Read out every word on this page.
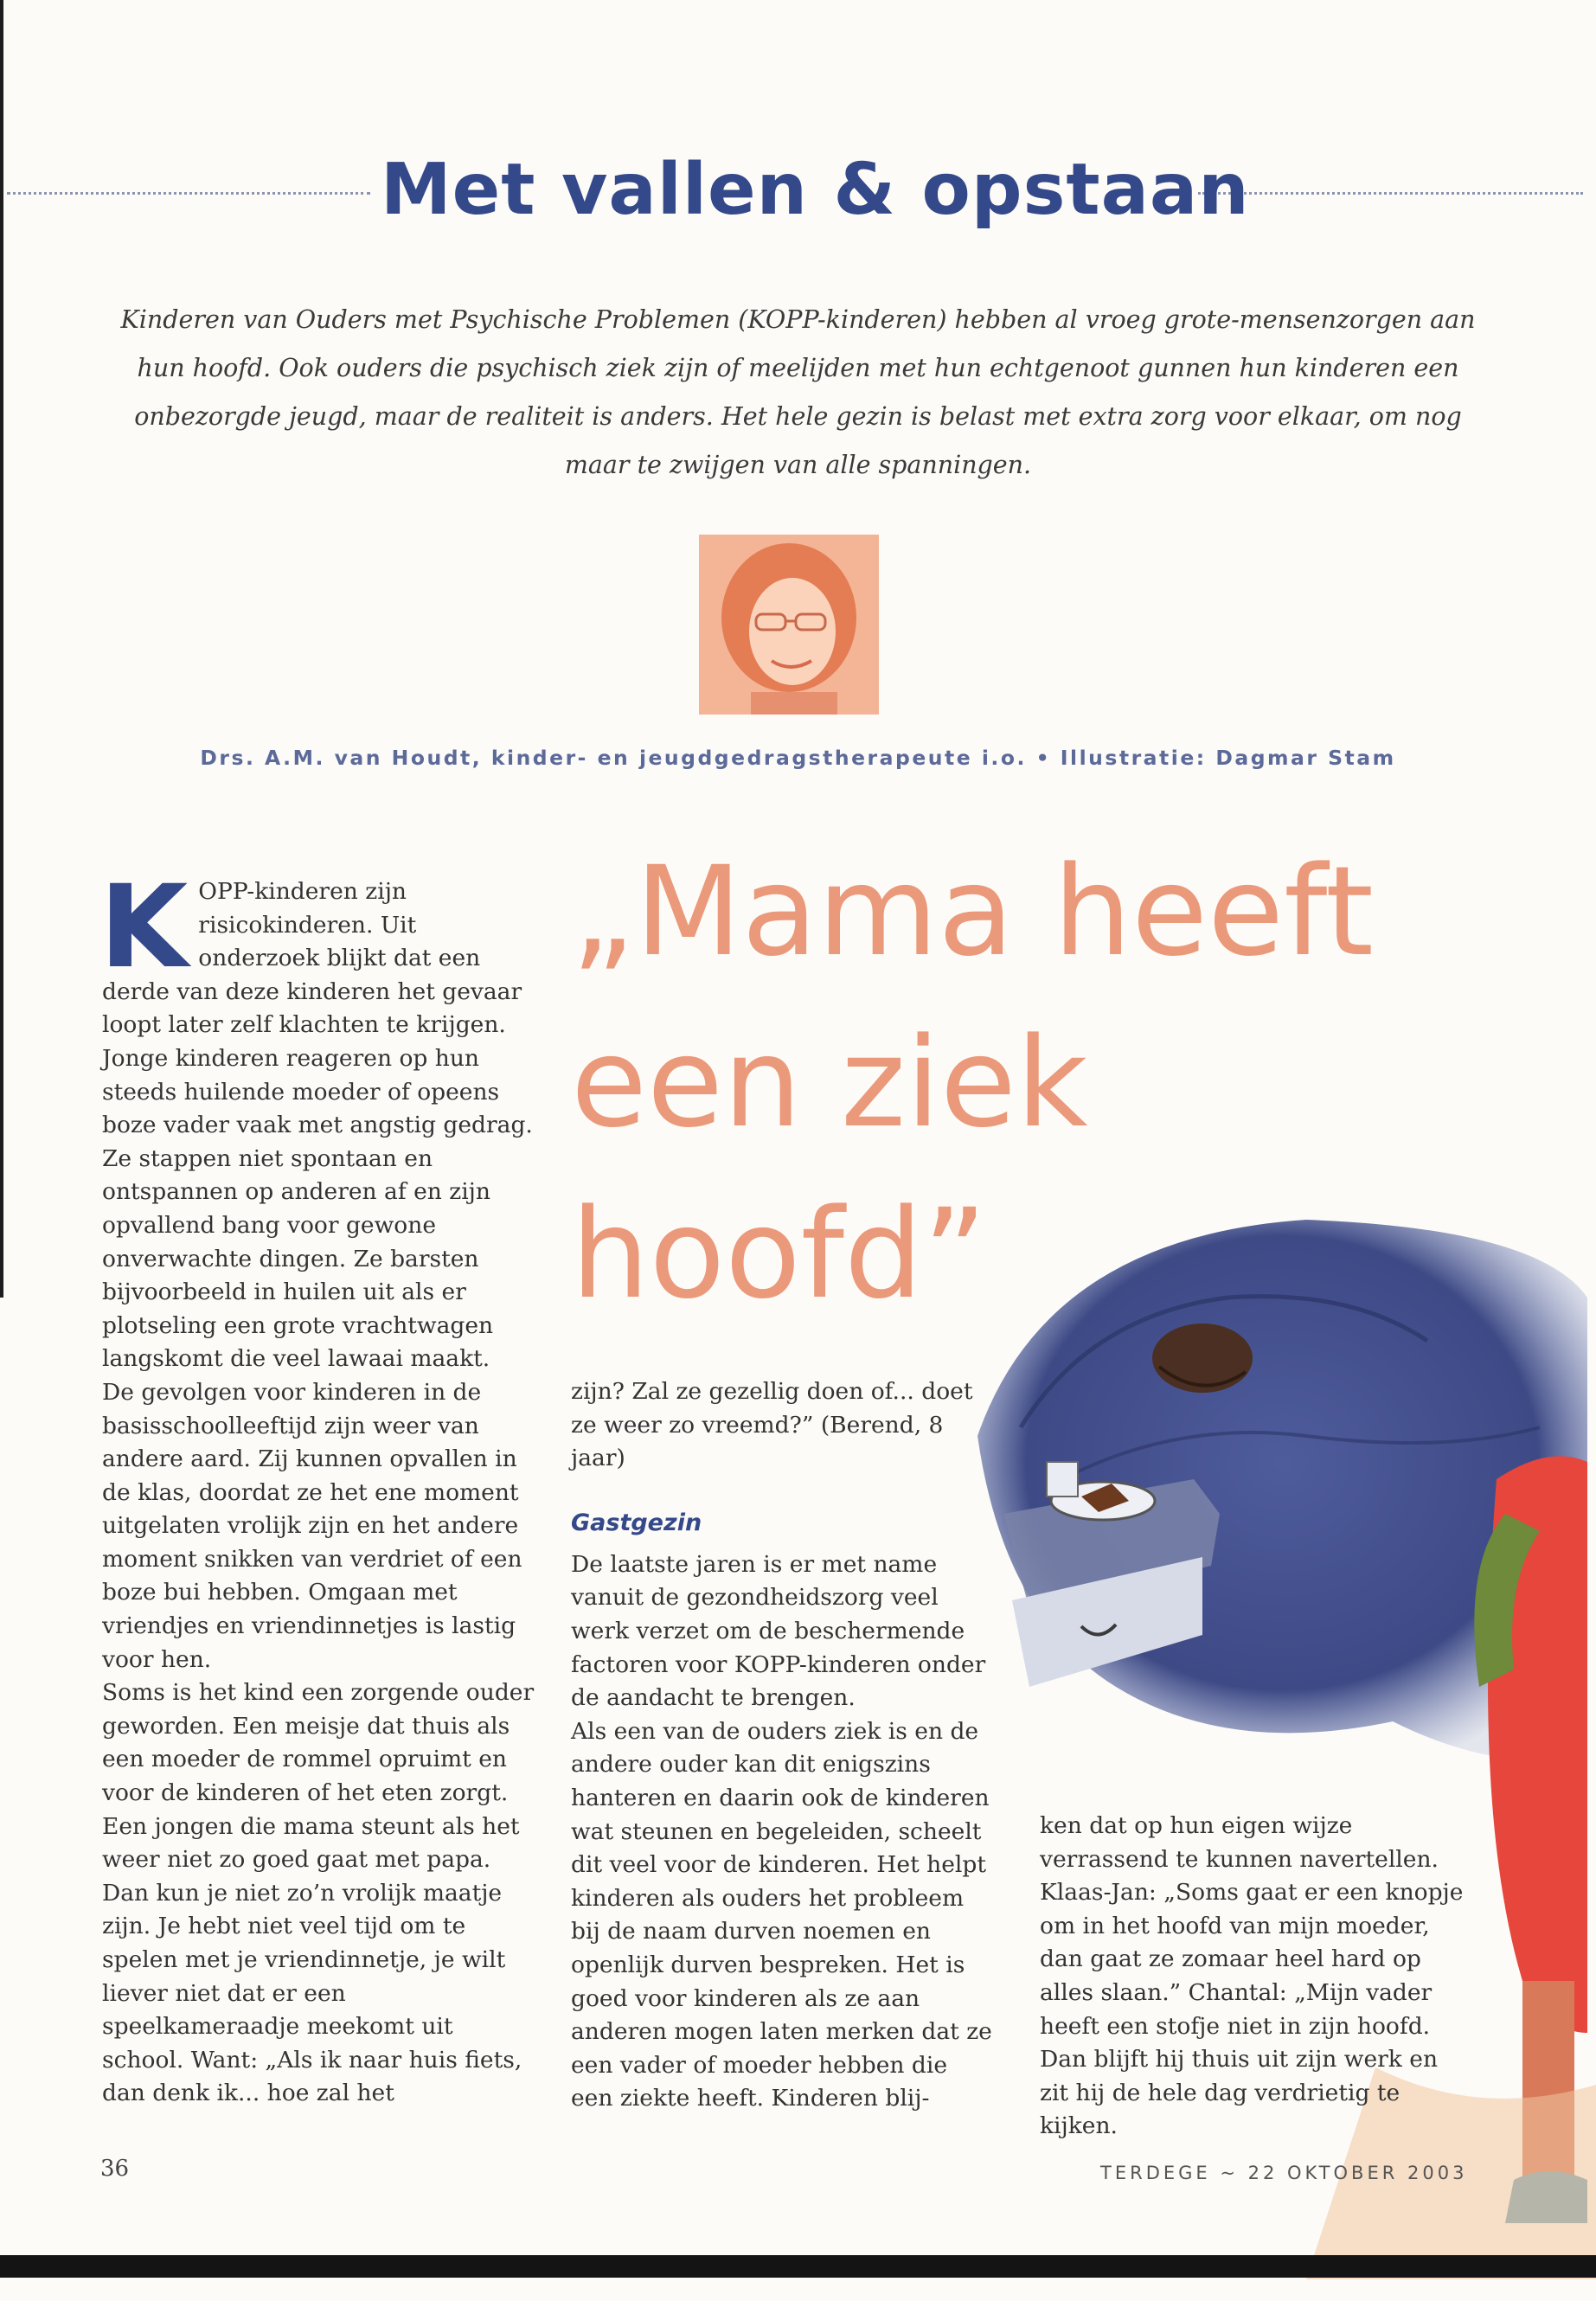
Met vallen & opstaan
Kinderen van Ouders met Psychische Problemen (KOPP-kinderen) hebben al vroeg grote-mensenzorgen aan hun hoofd. Ook ouders die psychisch ziek zijn of meelijden met hun echtgenoot gunnen hun kinderen een onbezorgde jeugd, maar de realiteit is anders. Het hele gezin is belast met extra zorg voor elkaar, om nog maar te zwijgen van alle spanningen.
Drs. A.M. van Houdt, kinder- en jeugdgedragstherapeute i.o. • Illustratie: Dagmar Stam
K OPP-kinderen zijn risicokinderen. Uit onderzoek blijkt dat een derde van deze kinderen het gevaar loopt later zelf klachten te krijgen. Jonge kinderen reageren op hun steeds huilende moeder of opeens boze vader vaak met angstig gedrag. Ze stappen niet spontaan en ontspannen op anderen af en zijn opvallend bang voor gewone onverwachte dingen. Ze barsten bijvoorbeeld in huilen uit als er plotseling een grote vrachtwagen langskomt die veel lawaai maakt.

De gevolgen voor kinderen in de basisschoolleeftijd zijn weer van andere aard. Zij kunnen opvallen in de klas, doordat ze het ene moment uitgelaten vrolijk zijn en het andere moment snikken van verdriet of een boze bui hebben. Omgaan met vriendjes en vriendinnetjes is lastig voor hen.

Soms is het kind een zorgende ouder geworden. Een meisje dat thuis als een moeder de rommel opruimt en voor de kinderen of het eten zorgt. Een jongen die mama steunt als het weer niet zo goed gaat met papa. Dan kun je niet zo’n vrolijk maatje zijn. Je hebt niet veel tijd om te spelen met je vriendinnetje, je wilt liever niet dat er een speelkameraadje meekomt uit school. Want: „Als ik naar huis fiets, dan denk ik... hoe zal het

„Mama heeft
een ziek
hoofd”

zijn? Zal ze gezellig doen of... doet ze weer zo vreemd?” (Berend, 8 jaar)

Gastgezin

De laatste jaren is er met name vanuit de gezondheidszorg veel werk verzet om de beschermende factoren voor KOPP-kinderen onder de aandacht te brengen.

Als een van de ouders ziek is en de andere ouder kan dit enigszins hanteren en daarin ook de kinderen wat steunen en begeleiden, scheelt dit veel voor de kinderen. Het helpt kinderen als ouders het probleem bij de naam durven noemen en openlijk durven bespreken. Het is goed voor kinderen als ze aan anderen mogen laten merken dat ze een vader of moeder hebben die een ziekte heeft. Kinderen blij-

ken dat op hun eigen wijze verrassend te kunnen navertellen. Klaas-Jan: „Soms gaat er een knopje om in het hoofd van mijn moeder, dan gaat ze zomaar heel hard op alles slaan.” Chantal: „Mijn vader heeft een stofje niet in zijn hoofd. Dan blijft hij thuis uit zijn werk en zit hij de hele dag verdrietig te kijken.

36	TERDEGE ~ 22 OKTOBER 2003
